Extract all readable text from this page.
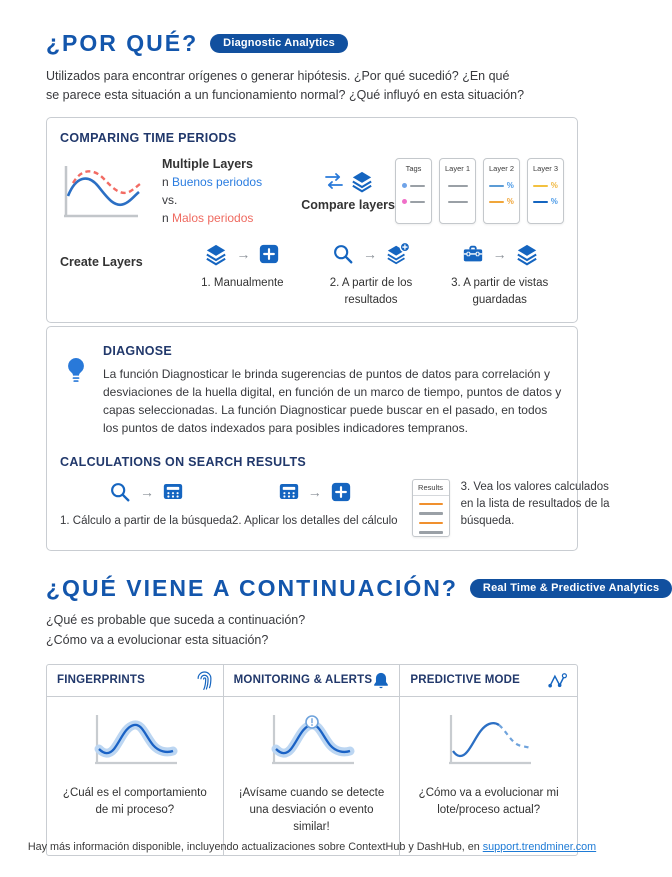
¿POR QUÉ?	Diagnostic Analytics

Utilizados para encontrar orígenes o generar hipótesis. ¿Por qué sucedió? ¿En qué se parece esta situación a un funcionamiento normal? ¿Qué influyó en esta situación?

COMPARING TIME PERIODS
Multiple Layers
n Buenos periodos vs.
n Malos periodos
Compare layers
Tags	Layer 1	Layer 2
%
%
Layer 3
%
%
Create Layers	→
1. Manualmente
→
2. A partir de los resultados
→
3. A partir de vistas guardadas
DIAGNOSE

La función Diagnosticar le brinda sugerencias de puntos de datos para correlación y desviaciones de la huella digital, en función de un marco de tiempo, puntos de datos y capas seleccionadas. La función Diagnosticar puede buscar en el pasado, en todos los puntos de datos indexados para posibles indicadores tempranos.

CALCULATIONS ON SEARCH RESULTS
→
1. Cálculo a partir de la búsqueda
→
2. Aplicar los detalles del cálculo
Results	3. Vea los valores calculados en la lista de resultados de la búsqueda.
¿QUÉ VIENE A CONTINUACIÓN?	Real Time & Predictive Analytics

¿Qué es probable que suceda a continuación?

¿Cómo va a evolucionar esta situación?

FINGERPRINTS	MONITORING & ALERTS	PREDICTIVE MODE
¿Cuál es el comportamiento de mi proceso?
¡Avísame cuando se detecte una desviación o evento similar!
¿Cómo va a evolucionar mi lote/proceso actual?
Hay más información disponible, incluyendo actualizaciones sobre ContextHub y DashHub, en support.trendminer.com
